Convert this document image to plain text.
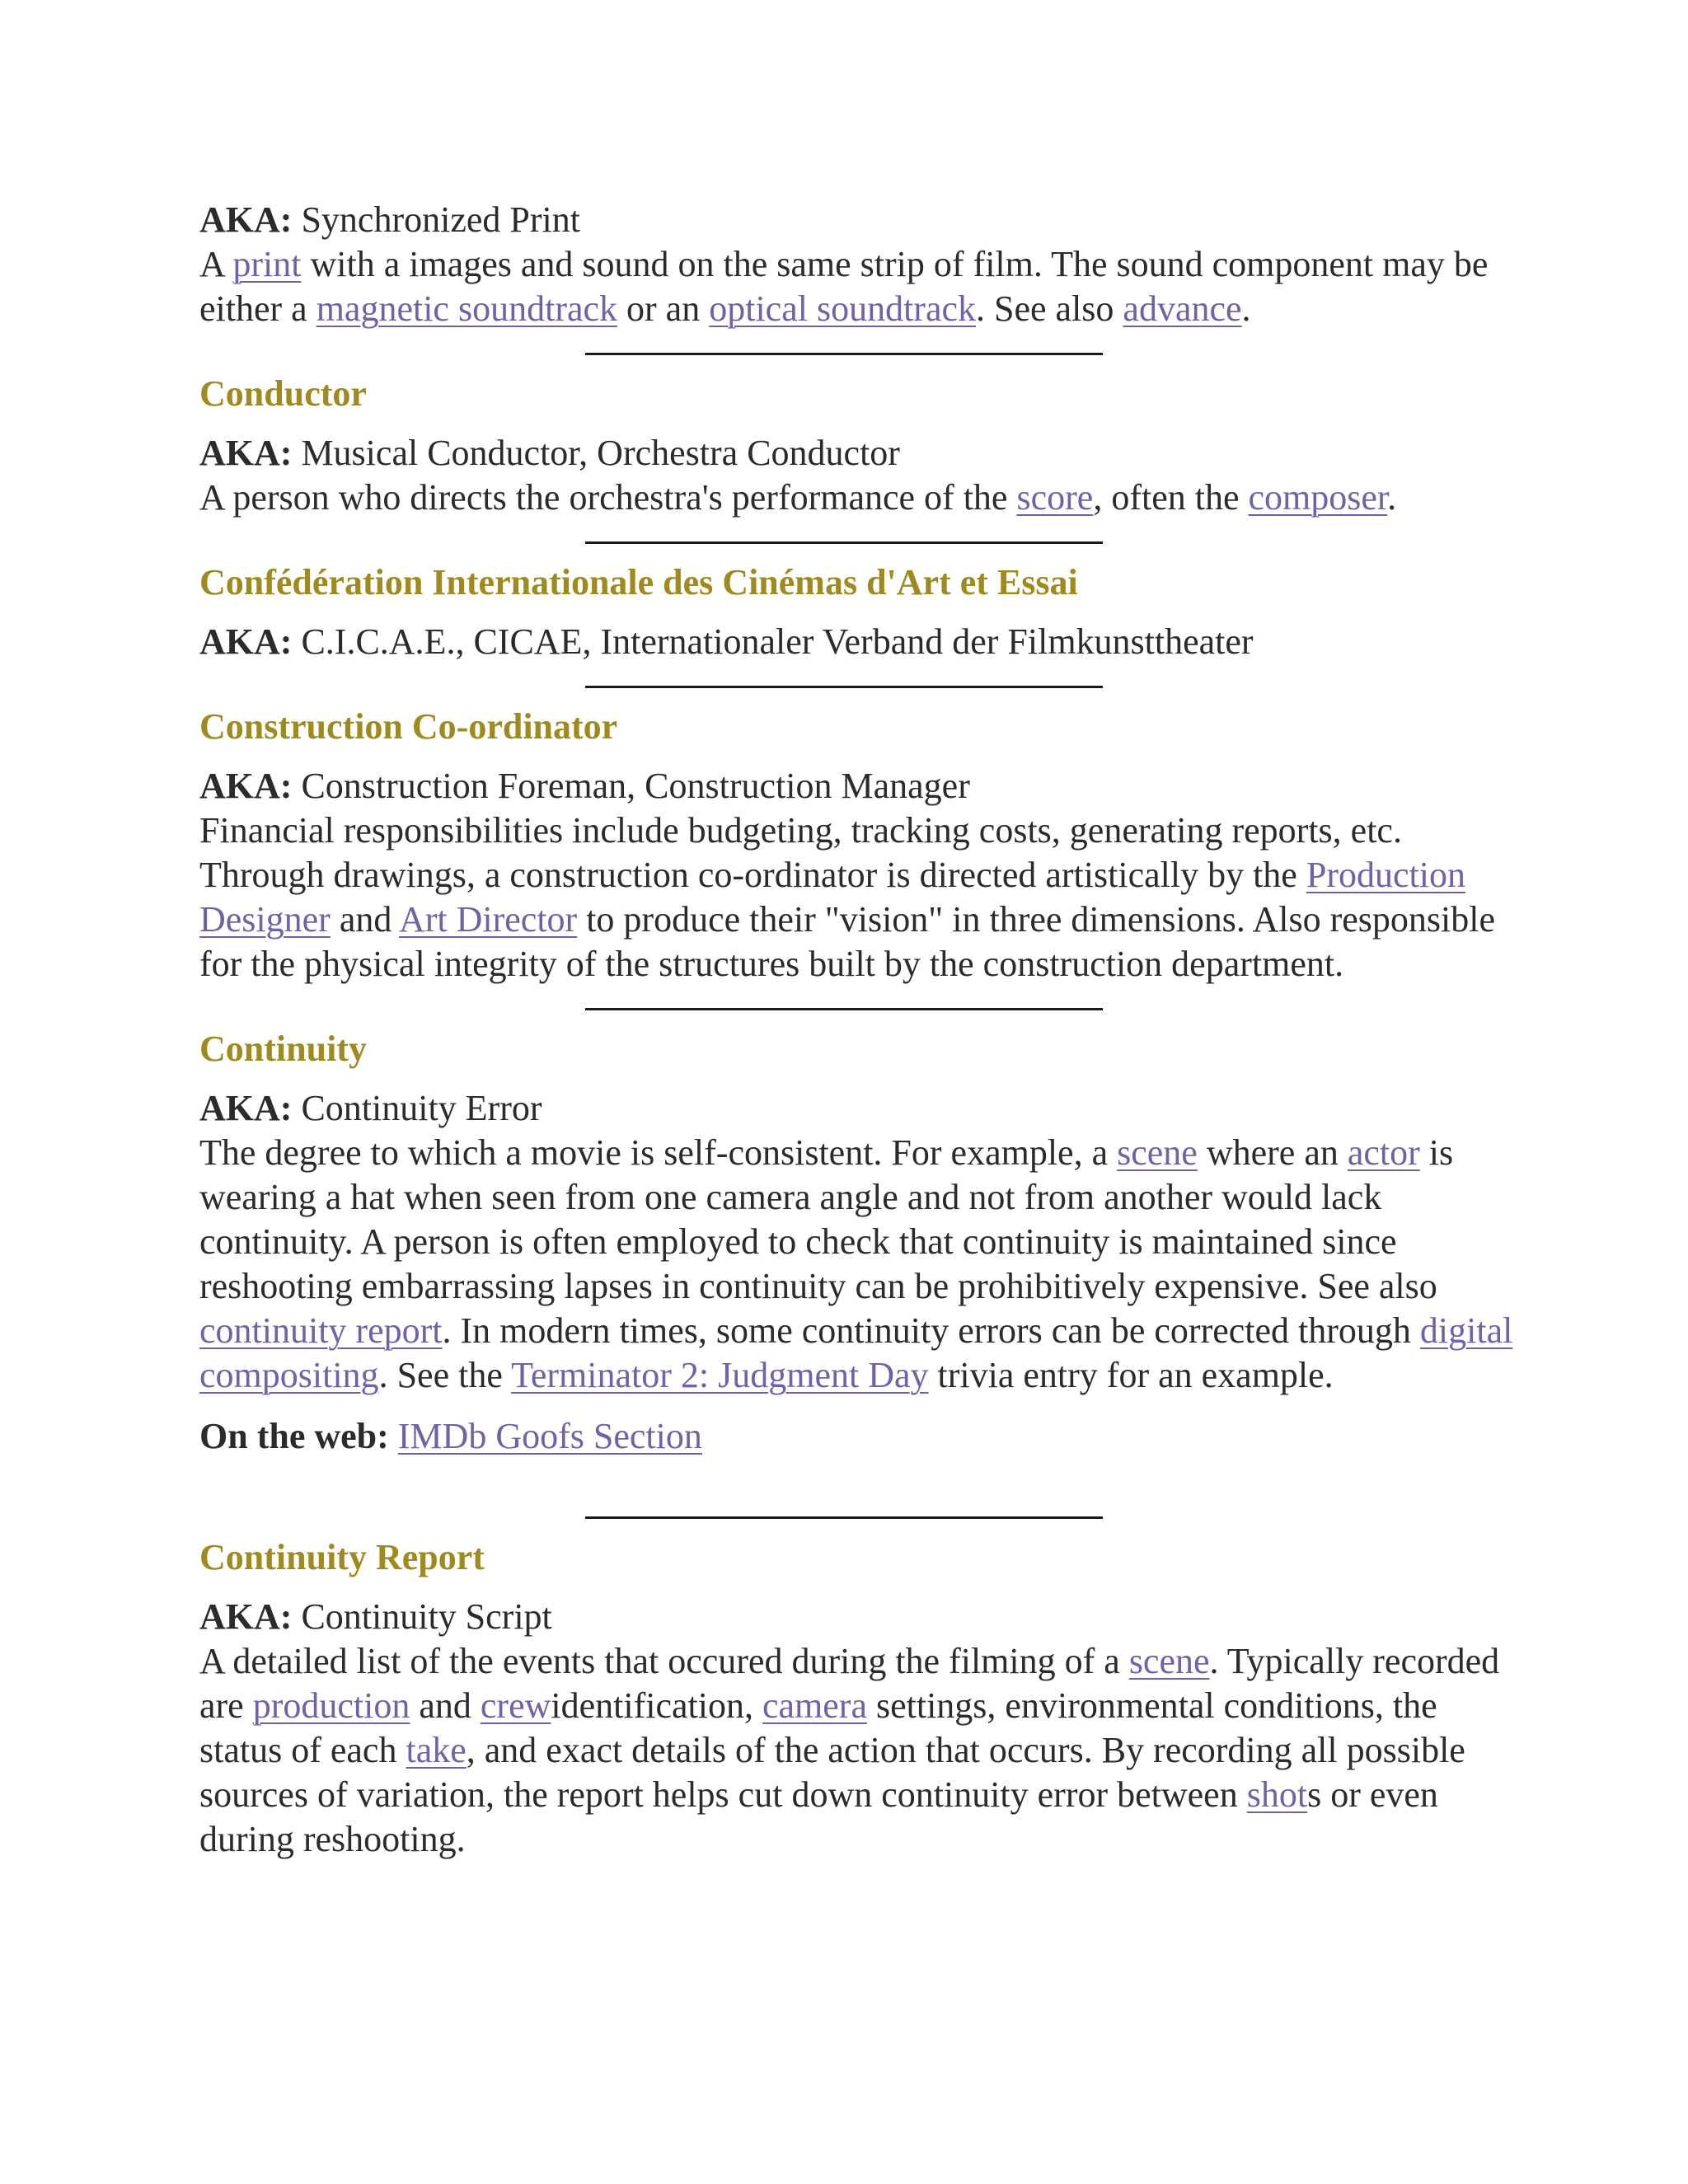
AKA: Synchronized Print

A print with a images and sound on the same strip of film. The sound component may be either a magnetic soundtrack or an optical soundtrack. See also advance.

Conductor

AKA: Musical Conductor, Orchestra Conductor

A person who directs the orchestra's performance of the score, often the composer.

Confédération Internationale des Cinémas d'Art et Essai

AKA: C.I.C.A.E., CICAE, Internationaler Verband der Filmkunsttheater

Construction Co-ordinator

AKA: Construction Foreman, Construction Manager

Financial responsibilities include budgeting, tracking costs, generating reports, etc. Through drawings, a construction co-ordinator is directed artistically by the Production Designer and Art Director to produce their "vision" in three dimensions. Also responsible for the physical integrity of the structures built by the construction department.

Continuity

AKA: Continuity Error

The degree to which a movie is self-consistent. For example, a scene where an actor is wearing a hat when seen from one camera angle and not from another would lack continuity. A person is often employed to check that continuity is maintained since reshooting embarrassing lapses in continuity can be prohibitively expensive. See also continuity report. In modern times, some continuity errors can be corrected through digital compositing. See the Terminator 2: Judgment Day trivia entry for an example.

On the web: IMDb Goofs Section

Continuity Report

AKA: Continuity Script

A detailed list of the events that occured during the filming of a scene. Typically recorded are production and crewidentification, camera settings, environmental conditions, the status of each take, and exact details of the action that occurs. By recording all possible sources of variation, the report helps cut down continuity error between shots or even during reshooting.
